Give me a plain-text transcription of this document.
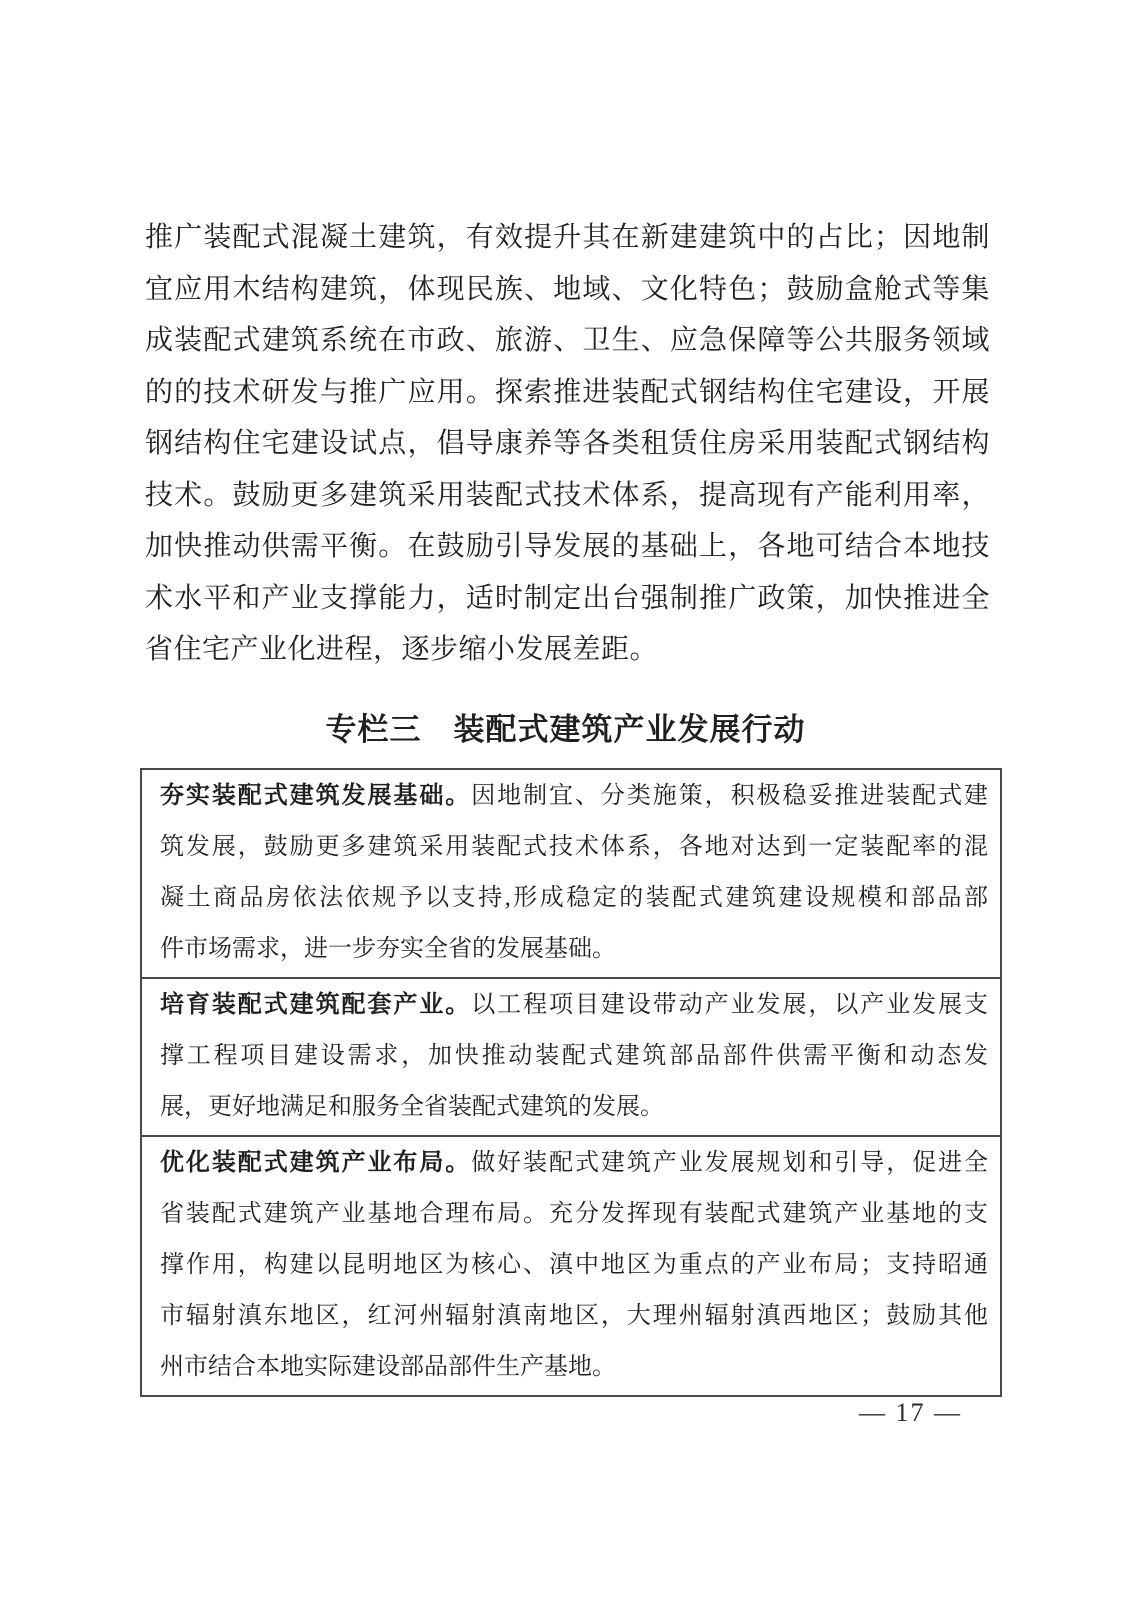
推广装配式混凝土建筑，有效提升其在新建建筑中的占比；因地制
宜应用木结构建筑，体现民族、地域、文化特色；鼓励盒舱式等集
成装配式建筑系统在市政、旅游、卫生、应急保障等公共服务领域
的的技术研发与推广应用。探索推进装配式钢结构住宅建设，开展
钢结构住宅建设试点，倡导康养等各类租赁住房采用装配式钢结构
技术。鼓励更多建筑采用装配式技术体系，提高现有产能利用率，
加快推动供需平衡。在鼓励引导发展的基础上，各地可结合本地技
术水平和产业支撑能力，适时制定出台强制推广政策，加快推进全
省住宅产业化进程，逐步缩小发展差距。
专栏三　装配式建筑产业发展行动
夯实装配式建筑发展基础。因地制宜、分类施策，积极稳妥推进装配式建
筑发展，鼓励更多建筑采用装配式技术体系，各地对达到一定装配率的混
凝土商品房依法依规予以支持,形成稳定的装配式建筑建设规模和部品部
件市场需求，进一步夯实全省的发展基础。
培育装配式建筑配套产业。以工程项目建设带动产业发展，以产业发展支
撑工程项目建设需求，加快推动装配式建筑部品部件供需平衡和动态发
展，更好地满足和服务全省装配式建筑的发展。
优化装配式建筑产业布局。做好装配式建筑产业发展规划和引导，促进全
省装配式建筑产业基地合理布局。充分发挥现有装配式建筑产业基地的支
撑作用，构建以昆明地区为核心、滇中地区为重点的产业布局；支持昭通
市辐射滇东地区，红河州辐射滇南地区，大理州辐射滇西地区；鼓励其他
州市结合本地实际建设部品部件生产基地。
— 17 —
